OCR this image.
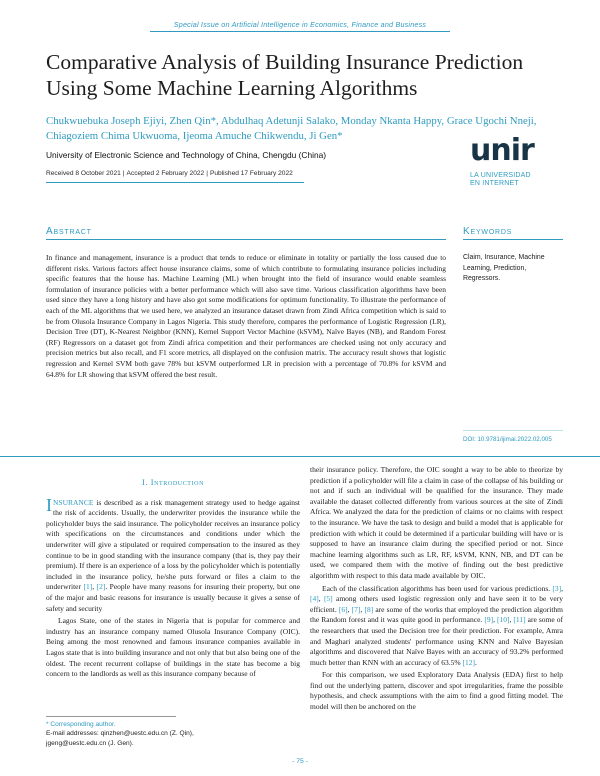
Special Issue on Artificial Intelligence in Economics, Finance and Business
Comparative Analysis of Building Insurance Prediction Using Some Machine Learning Algorithms
Chukwuebuka Joseph Ejiyi, Zhen Qin*, Abdulhaq Adetunji Salako, Monday Nkanta Happy, Grace Ugochi Nneji, Chiagoziem Chima Ukwuoma, Ijeoma Amuche Chikwendu, Ji Gen*
University of Electronic Science and Technology of China, Chengdu (China)
Received 8 October 2021 | Accepted 2 February 2022 | Published 17 February 2022
unir
LA UNIVERSIDAD
EN INTERNET
Abstract	Keywords
In finance and management, insurance is a product that tends to reduce or eliminate in totality or partially the loss caused due to different risks. Various factors affect house insurance claims, some of which contribute to formulating insurance policies including specific features that the house has. Machine Learning (ML) when brought into the field of insurance would enable seamless formulation of insurance policies with a better performance which will also save time. Various classification algorithms have been used since they have a long history and have also got some modifications for optimum functionality. To illustrate the performance of each of the ML algorithms that we used here, we analyzed an insurance dataset drawn from Zindi Africa competition which is said to be from Olusola Insurance Company in Lagos Nigeria. This study therefore, compares the performance of Logistic Regression (LR), Decision Tree (DT), K-Nearest Neighbor (KNN), Kernel Support Vector Machine (kSVM), Naïve Bayes (NB), and Random Forest (RF) Regressors on a dataset got from Zindi africa competition and their performances are checked using not only accuracy and precision metrics but also recall, and F1 score metrics, all displayed on the confusion matrix. The accuracy result shows that logistic regression and Kernel SVM both gave 78% but kSVM outperformed LR in precision with a percentage of 70.8% for kSVM and 64.8% for LR showing that kSVM offered the best result.
Claim, Insurance, Machine Learning, Prediction, Regressors.
DOI: 10.9781/ijimai.2022.02.005
I. Introduction

INSURANCE is described as a risk management strategy used to hedge against the risk of accidents. Usually, the underwriter provides the insurance while the policyholder buys the said insurance. The policyholder receives an insurance policy with specifications on the circumstances and conditions under which the underwriter will give a stipulated or required compensation to the insured as they continue to be in good standing with the insurance company (that is, they pay their premium). If there is an experience of a loss by the policyholder which is potentially included in the insurance policy, he/she puts forward or files a claim to the underwriter [1], [2]. People have many reasons for insuring their property, but one of the major and basic reasons for insurance is usually because it gives a sense of safety and security

Lagos State, one of the states in Nigeria that is popular for commerce and industry has an insurance company named Olusola Insurance Company (OIC). Being among the most renowned and famous insurance companies available in Lagos state that is into building insurance and not only that but also being one of the oldest. The recent recurrent collapse of buildings in the state has become a big concern to the landlords as well as this insurance company because of

their insurance policy. Therefore, the OIC sought a way to be able to theorize by prediction if a policyholder will file a claim in case of the collapse of his building or not and if such an individual will be qualified for the insurance. They made available the dataset collected differently from various sources at the site of Zindi Africa. We analyzed the data for the prediction of claims or no claims with respect to the insurance. We have the task to design and build a model that is applicable for prediction with which it could be determined if a particular building will have or is supposed to have an insurance claim during the specified period or not. Since machine learning algorithms such as LR, RF, kSVM, KNN, NB, and DT can be used, we compared them with the motive of finding out the best predictive algorithm with respect to this data made available by OIC.

Each of the classification algorithms has been used for various predictions. [3], [4], [5] among others used logistic regression only and have seen it to be very efficient. [6], [7], [8] are some of the works that employed the prediction algorithm the Random forest and it was quite good in performance. [9], [10], [11] are some of the researchers that used the Decision tree for their prediction. For example, Amra and Maghari analyzed students' performance using KNN and Naïve Bayesian algorithms and discovered that Naïve Bayes with an accuracy of 93.2% performed much better than KNN with an accuracy of 63.5% [12].

For this comparison, we used Exploratory Data Analysis (EDA) first to help find out the underlying pattern, discover and spot irregularities, frame the possible hypothesis, and check assumptions with the aim to find a good fitting model. The model will then be anchored on the

* Corresponding author.
E-mail addresses: qinzhen@uestc.edu.cn (Z. Qin),
jgeng@uestc.edu.cn (J. Gen).
- 75 -
